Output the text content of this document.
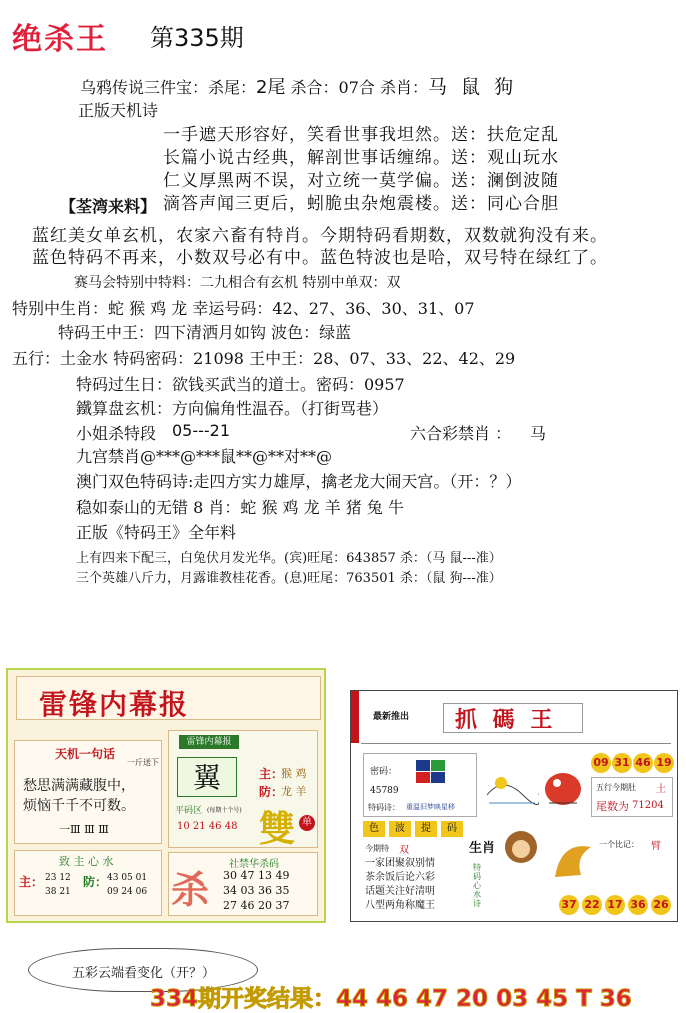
绝杀王 第335期
乌鸦传说三件宝：杀尾：2尾 杀合：07合 杀肖：马 鼠 狗
正版天机诗
一手遮天形容好，笑看世事我坦然。送：扶危定乱
长篇小说古经典，解剖世事话缠绵。送：观山玩水
仁义厚黑两不误，对立统一莫学偏。送：澜倒波随
滴答声闻三更后，蚓脆虫杂炮震楼。送：同心合胆
【荃湾来料】
蓝红美女单玄机，农家六畜有特肖。今期特码看期数，双数就狗没有来。
蓝色特码不再来，小数双号必有中。蓝色特波也是哈，双号特在绿红了。
赛马会特别中特料：二九相合有玄机 特别中单双：双
特别中生肖：蛇 猴 鸡 龙 幸运号码：42、27、36、30、31、07
特码王中王：四下清洒月如钩 波色：绿蓝
五行：土金水 特码密码：21098 王中王：28、07、33、22、42、29
特码过生日：欲钱买武当的道士。密码：0957
鐵算盘玄机：方向偏角性温吞。（打街骂巷）
小姐杀特段 05---21	六合彩禁肖 ： 马
九宫禁肖@***@***鼠**@**对**@
澳门双色特码诗:走四方实力雄厚，擒老龙大闹天宫。（开：？）
稳如泰山的无错 8 肖：蛇 猴 鸡 龙 羊 猪 兔 牛
正版《特码王》全年料
上有四来下配三，白兔伏月发光华。(宾)旺尾：643857 杀：（马 鼠---准）
三个英雄八斤力，月露谁教桂花香。(息)旺尾：763501 杀：（鼠 狗---准）
雷锋内幕报
天机一句话
一斤送下
愁思满满藏腹中，
烦恼千千不可数。
一Ⅲ Ⅲ Ⅲ
雷锋内幕报
翼	主：
猴 鸡
防：
龙 羊
平码区 (每期十个号)
10 21 46 48 雙 单
致 主 心 水
主： 23 12
38 21
防： 43 05 01
09 24 06 杀
社禁华杀码
30 47 13 49
34 03 36 35
27 46 20 37
最新推出 抓 碼 王
09 31 46 19
密码：
45789
特码诗： 重温旧梦映星移
五行今期肚 土
尾数为 71204
色	波	提	码
今期特 双
一家团聚叙别情
茶余饭后论六彩
话题关注好清明
八型两角称魔王
生肖
特码心水诗
一个比记： 臂
37 22 17 36 26
五彩云端看变化（开？）
334期开奖结果：44 46 47 20 03 45 T 36
